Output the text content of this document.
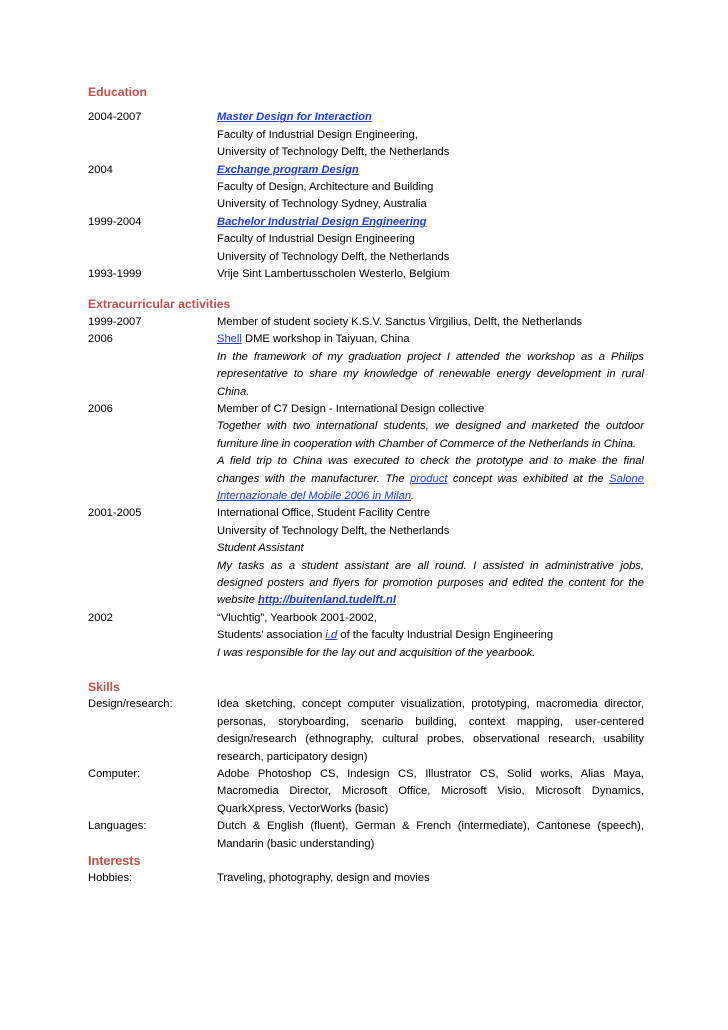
Education

2004-2007	Master Design for Interaction
Faculty of Industrial Design Engineering,
University of Technology Delft, the Netherlands
2004	Exchange program Design
Faculty of Design, Architecture and Building
University of Technology Sydney, Australia
1999-2004	Bachelor Industrial Design Engineering
Faculty of Industrial Design Engineering
University of Technology Delft, the Netherlands
1993-1999	Vrije Sint Lambertusscholen Westerlo, Belgium

Extracurricular activities

1999-2007	Member of student society K.S.V. Sanctus Virgilius, Delft, the Netherlands
2006	Shell DME workshop in Taiyuan, China
In the framework of my graduation project I attended the workshop as a Philips representative to share my knowledge of renewable energy development in rural China.
2006	Member of C7 Design - International Design collective
Together with two international students, we designed and marketed the outdoor furniture line in cooperation with Chamber of Commerce of the Netherlands in China.
A field trip to China was executed to check the prototype and to make the final changes with the manufacturer. The product concept was exhibited at the Salone Internazionale del Mobile 2006 in Milan.
2001-2005	International Office, Student Facility Centre
University of Technology Delft, the Netherlands
Student Assistant
My tasks as a student assistant are all round. I assisted in administrative jobs, designed posters and flyers for promotion purposes and edited the content for the website http://buitenland.tudelft.nl
2002	“Vluchtig”, Yearbook 2001-2002,
Students’ association i.d of the faculty Industrial Design Engineering
I was responsible for the lay out and acquisition of the yearbook.

Skills

Design/research:	Idea sketching, concept computer visualization, prototyping, macromedia director, personas, storyboarding, scenario building, context mapping, user-centered design/research (ethnography, cultural probes, observational research, usability research, participatory design)
Computer:	Adobe Photoshop CS, Indesign CS, Illustrator CS, Solid works, Alias Maya, Macromedia Director, Microsoft Office, Microsoft Visio, Microsoft Dynamics, QuarkXpress, VectorWorks (basic)
Languages:	Dutch & English (fluent), German & French (intermediate), Cantonese (speech), Mandarin (basic understanding)

Interests

Hobbies:	Traveling, photography, design and movies
